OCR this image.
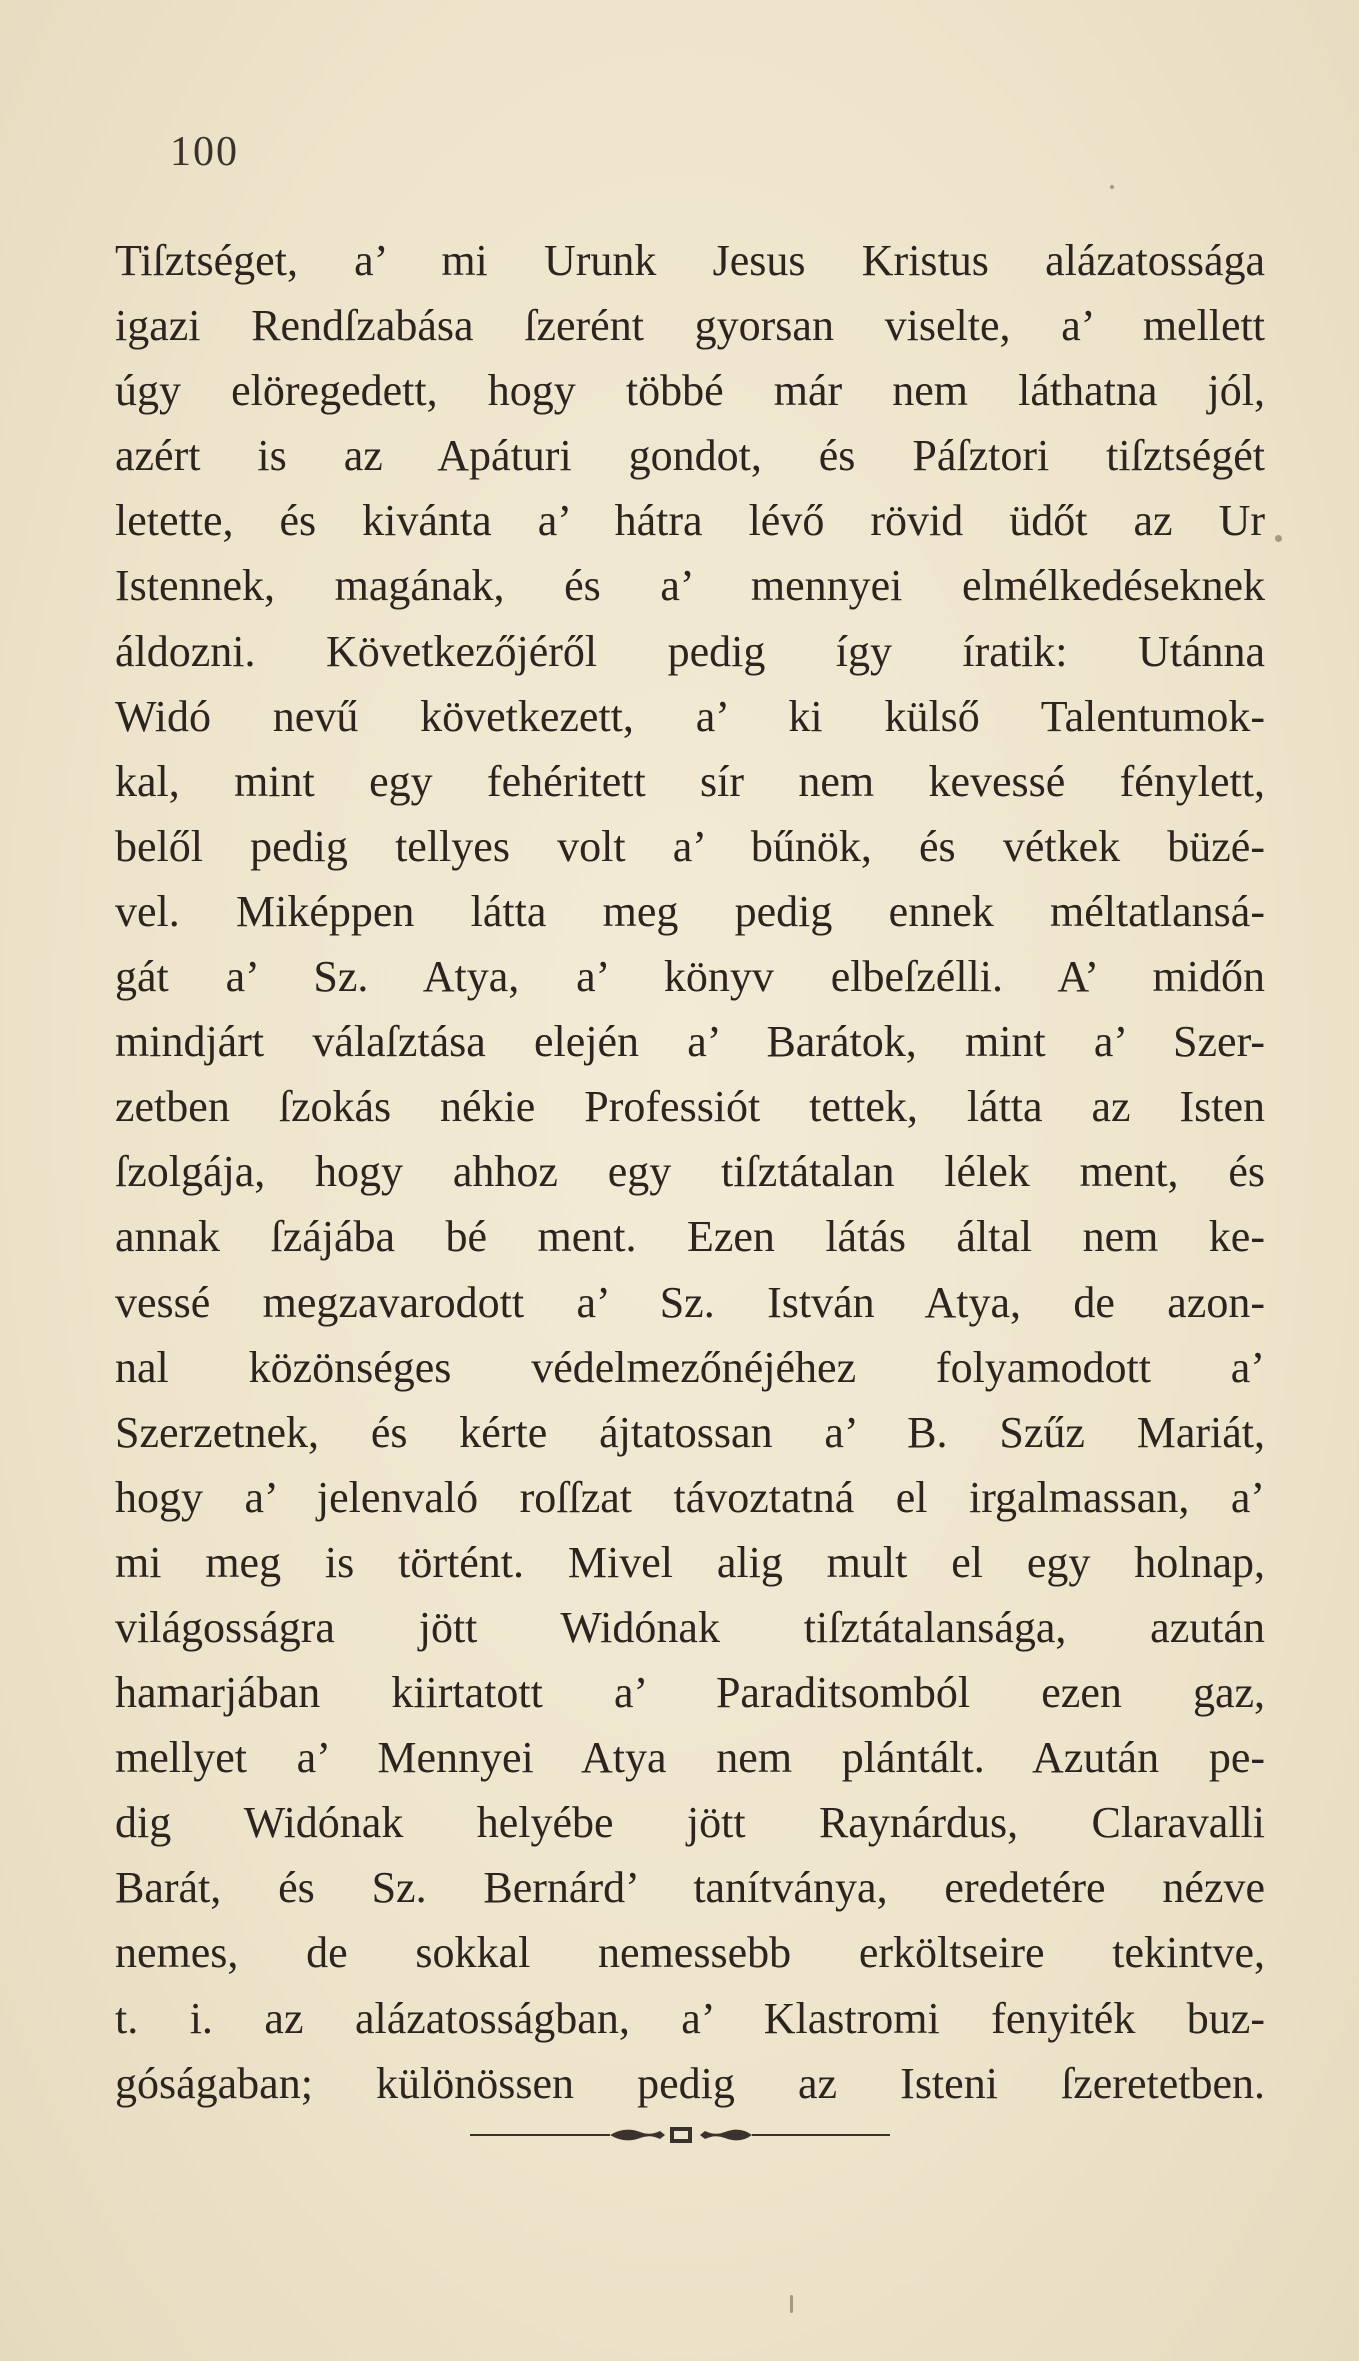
100
Tiſztséget, a’ mi Urunk Jesus Kristus alázatossága
igazi Rendſzabása ſzerént gyorsan viselte, a’ mellett
úgy elöregedett, hogy többé már nem láthatna jól,
azért is az Apáturi gondot, és Páſztori tiſztségét
letette, és kivánta a’ hátra lévő rövid üdőt az Ur
Istennek, magának, és a’ mennyei elmélkedéseknek
áldozni. Következőjéről pedig így íratik: Utánna
Widó nevű következett, a’ ki külső Talentumok-
kal, mint egy fehéritett sír nem kevessé fénylett,
belől pedig tellyes volt a’ bűnök, és vétkek büzé-
vel. Miképpen látta meg pedig ennek méltatlansá-
gát a’ Sz. Atya, a’ könyv elbeſzélli. A’ midőn
mindjárt válaſztása elején a’ Barátok, mint a’ Szer-
zetben ſzokás nékie Professiót tettek, látta az Isten
ſzolgája, hogy ahhoz egy tiſztátalan lélek ment, és
annak ſzájába bé ment. Ezen látás által nem ke-
vessé megzavarodott a’ Sz. István Atya, de azon-
nal közönséges védelmezőnéjéhez folyamodott a’
Szerzetnek, és kérte ájtatossan a’ B. Szűz Mariát,
hogy a’ jelenvaló roſſzat távoztatná el irgalmassan, a’
mi meg is történt. Mivel alig mult el egy holnap,
világosságra jött Widónak tiſztátalansága, azután
hamarjában kiirtatott a’ Paraditsomból ezen gaz,
mellyet a’ Mennyei Atya nem plántált. Azután pe-
dig Widónak helyébe jött Raynárdus, Claravalli
Barát, és Sz. Bernárd’ tanítványa, eredetére nézve
nemes, de sokkal nemessebb erköltseire tekintve,
t. i. az alázatosságban, a’ Klastromi fenyiték buz-
góságaban; különössen pedig az Isteni ſzeretetben.
